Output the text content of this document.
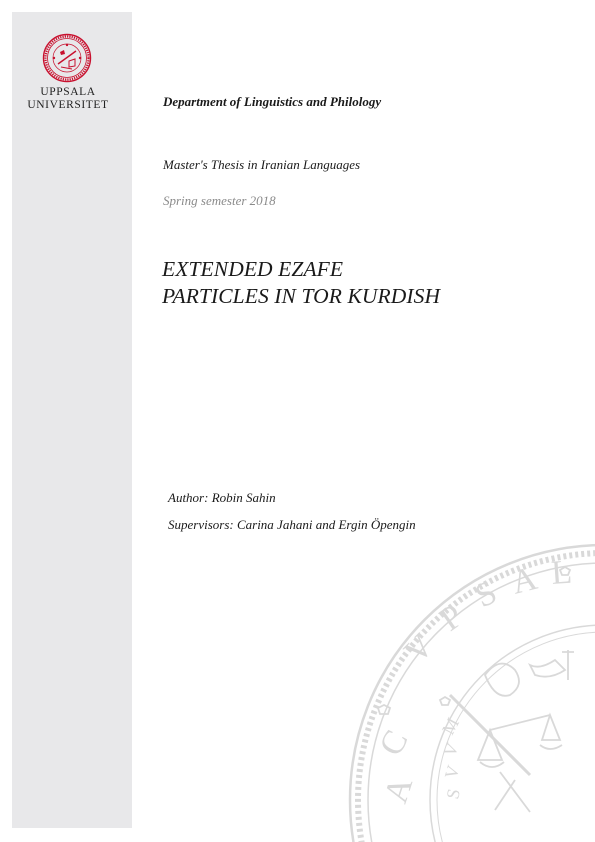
UPPSALA
UNIVERSITET	Department of Linguistics and Philology
Master's Thesis in Iranian Languages
Spring semester 2018
EXTENDED EZAFE
PARTICLES IN TOR KURDISH
Author: Robin Sahin
Supervisors: Carina Jahani and Ergin Öpengin
A
C
V
P
S A L
S
V
V
M
